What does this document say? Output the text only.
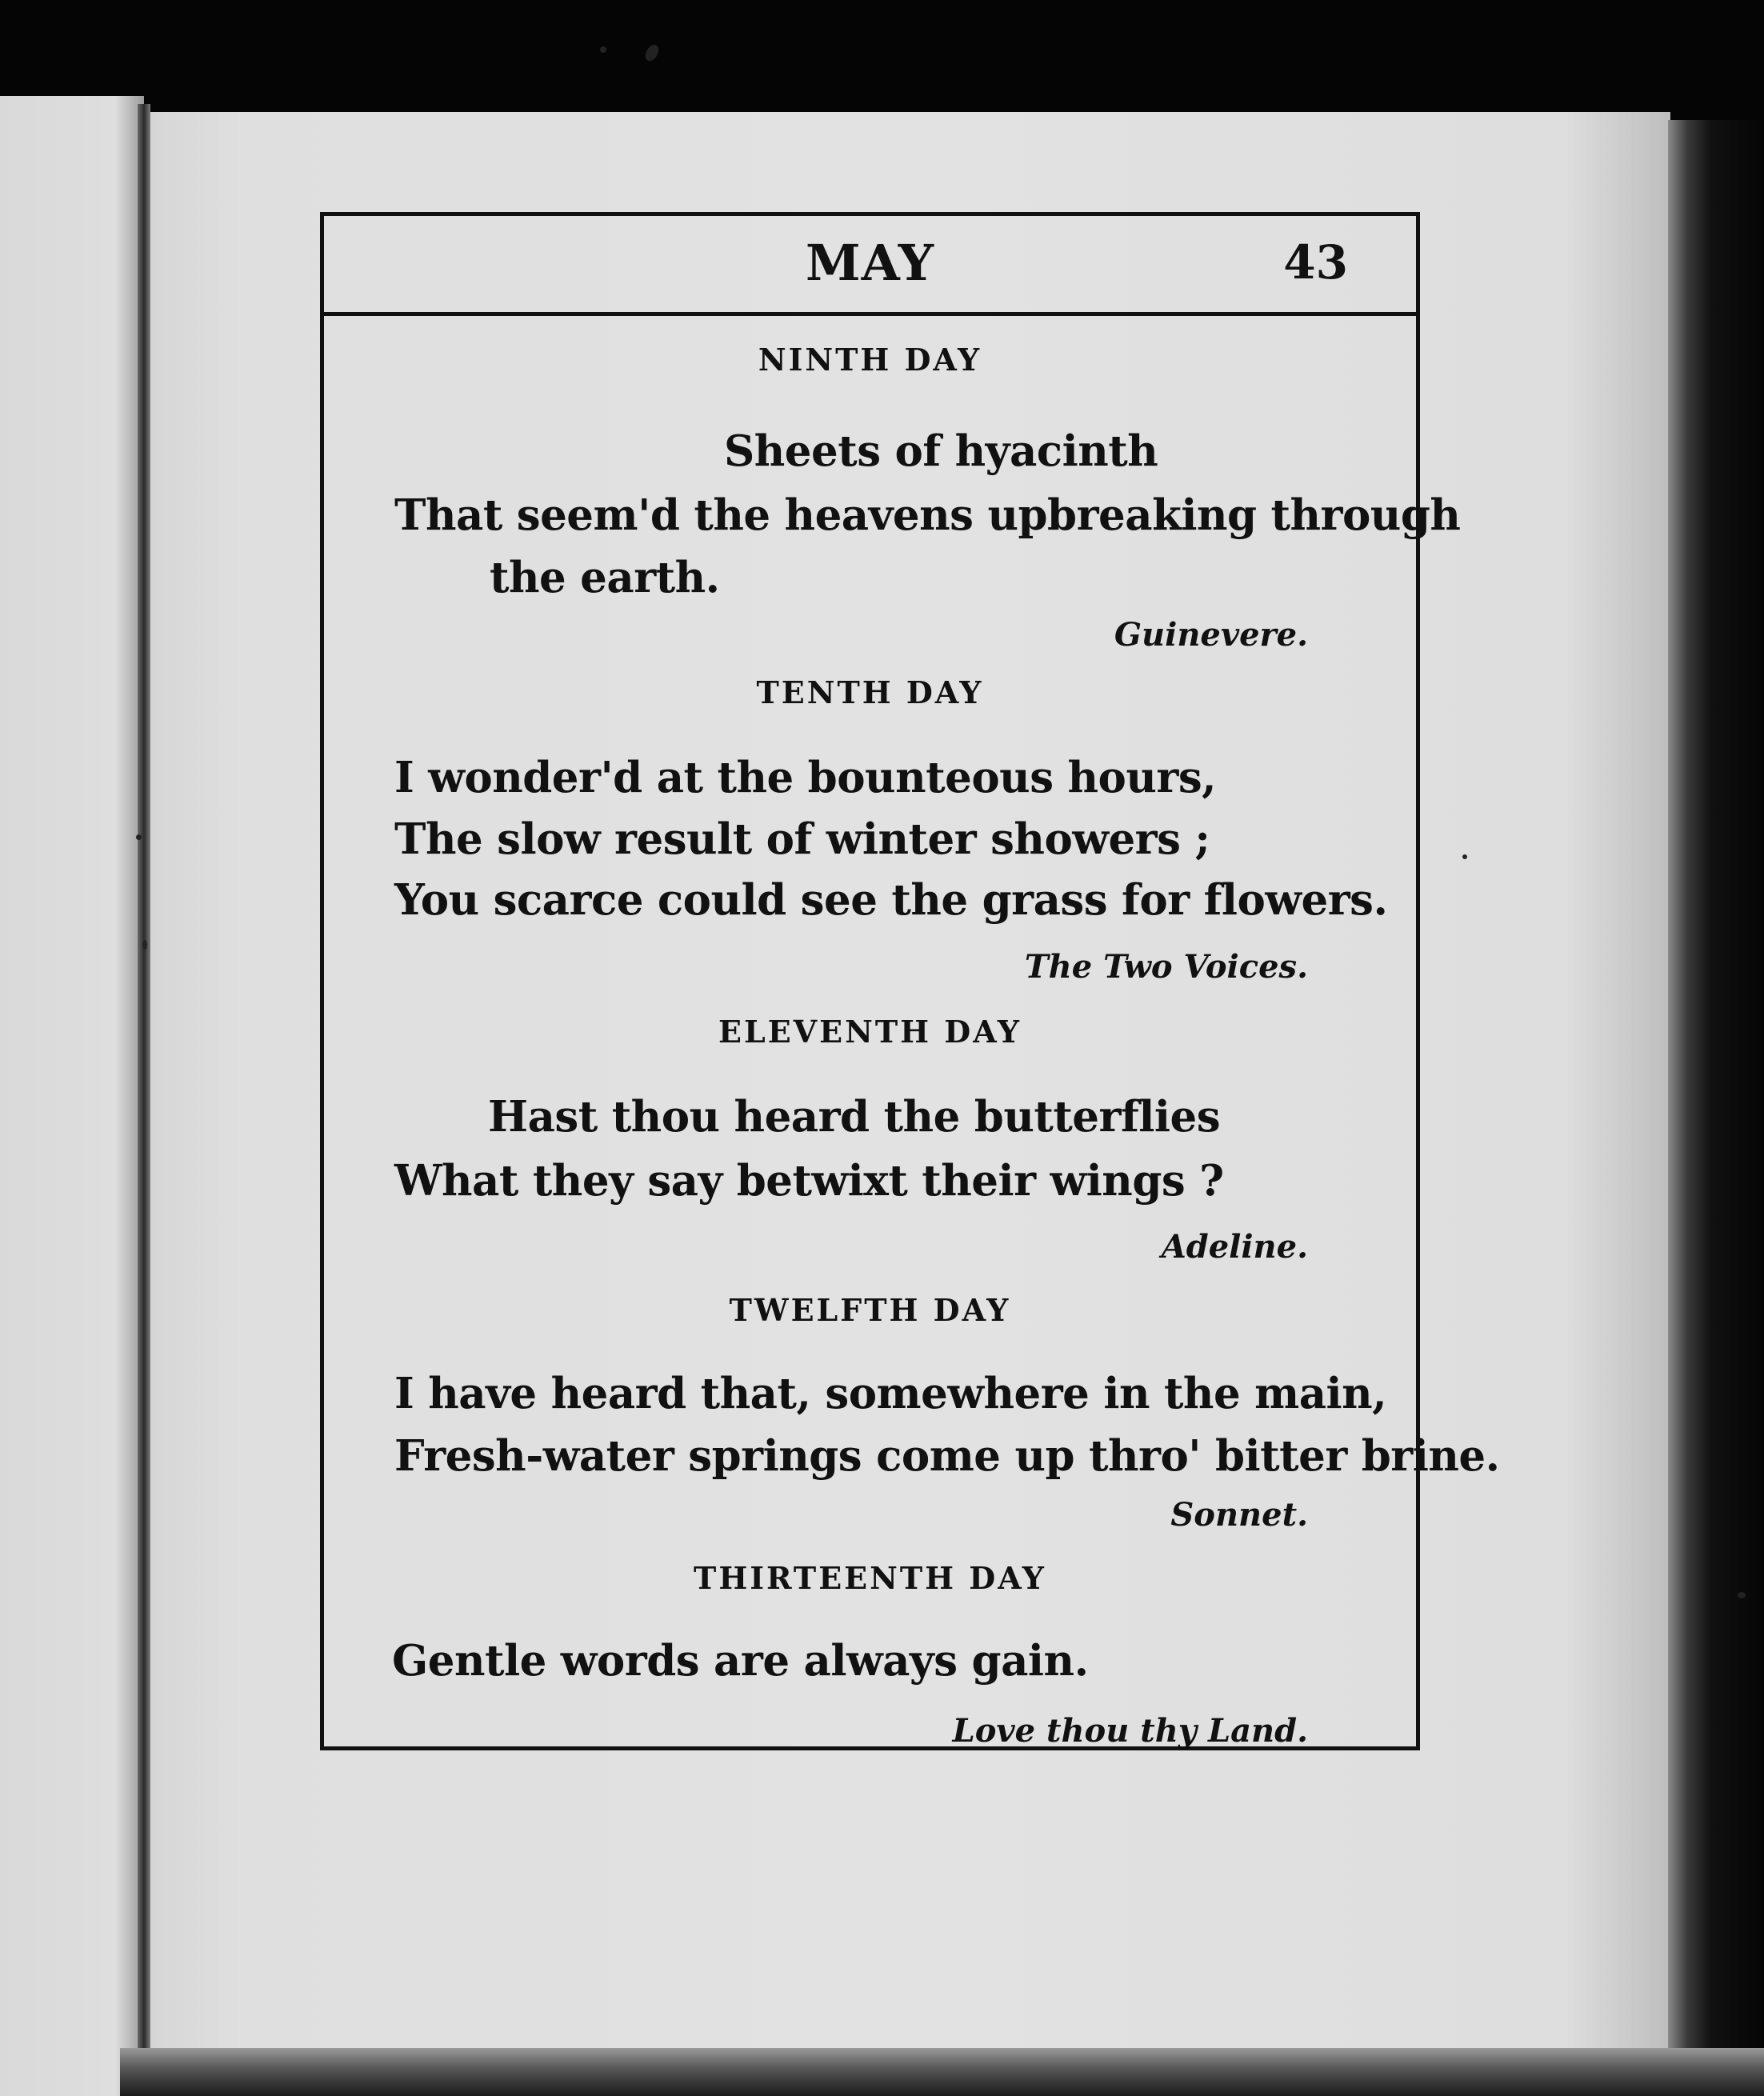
MAY	43
NINTH DAY
Sheets of hyacinth
That seem'd the heavens upbreaking through
the earth.
Guinevere.
TENTH DAY
I wonder'd at the bounteous hours,
The slow result of winter showers ;
You scarce could see the grass for flowers.
The Two Voices.
ELEVENTH DAY
Hast thou heard the butterflies
What they say betwixt their wings ?
Adeline.
TWELFTH DAY
I have heard that, somewhere in the main,
Fresh-water springs come up thro' bitter brine.
Sonnet.
THIRTEENTH DAY
Gentle words are always gain.
Love thou thy Land.
